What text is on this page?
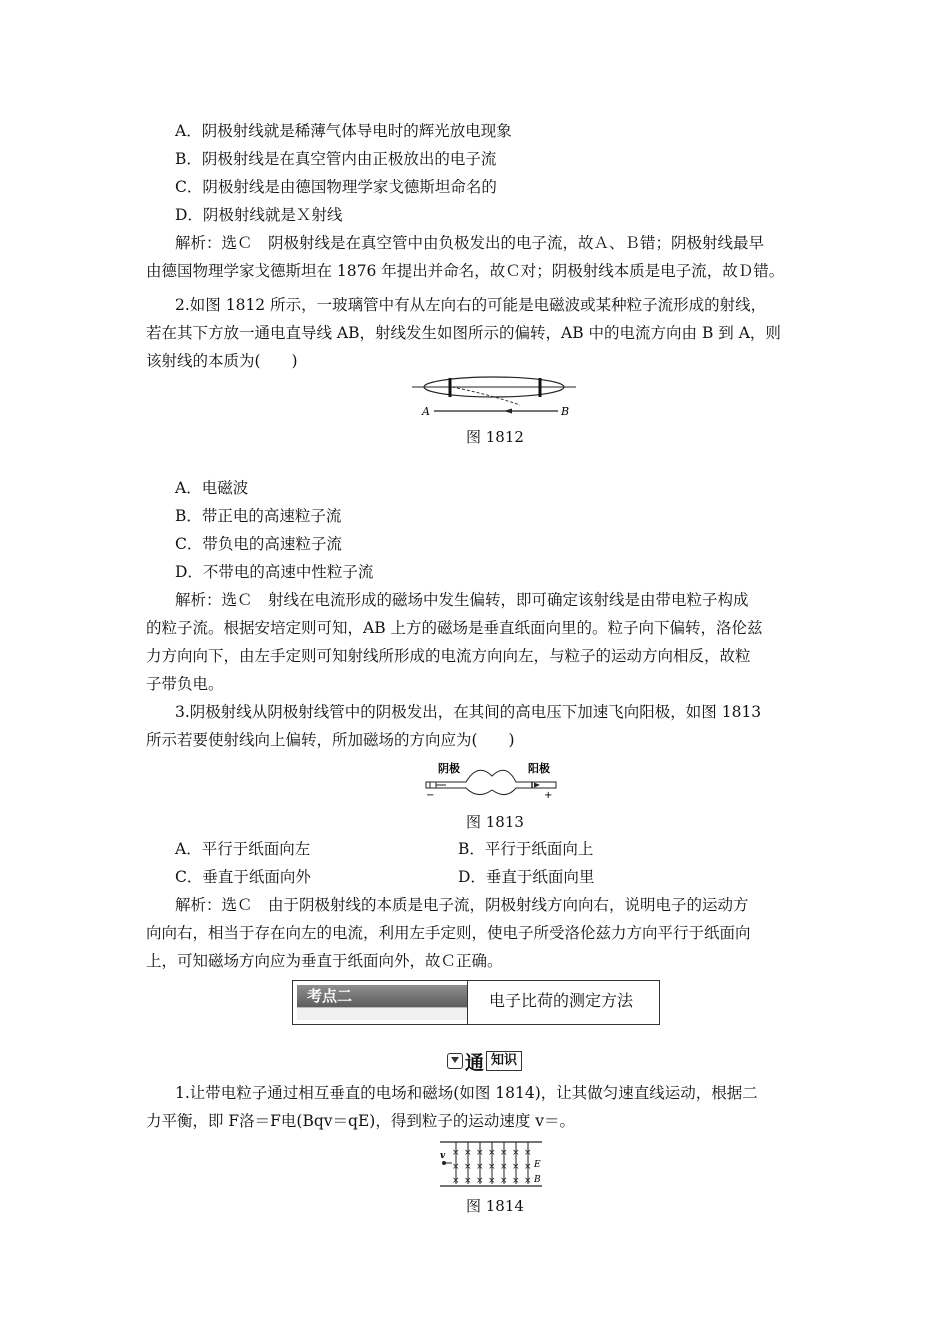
A．阴极射线就是稀薄气体导电时的辉光放电现象
B．阴极射线是在真空管内由正极放出的电子流
C．阴极射线是由德国物理学家戈德斯坦命名的
D．阴极射线就是Ｘ射线
解析：选Ｃ　阴极射线是在真空管中由负极发出的电子流，故Ａ、Ｂ错；阴极射线最早
由德国物理学家戈德斯坦在 1876 年提出并命名，故Ｃ对；阴极射线本质是电子流，故Ｄ错。
2.如图 1812 所示，一玻璃管中有从左向右的可能是电磁波或某种粒子流形成的射线，
若在其下方放一通电直导线 AB，射线发生如图所示的偏转，AB 中的电流方向由 B 到 A，则
该射线的本质为(　　)
A	B
图 1812
A．电磁波
B．带正电的高速粒子流
C．带负电的高速粒子流
D．不带电的高速中性粒子流
解析：选Ｃ　射线在电流形成的磁场中发生偏转，即可确定该射线是由带电粒子构成
的粒子流。根据安培定则可知，AB 上方的磁场是垂直纸面向里的。粒子向下偏转，洛伦兹
力方向向下，由左手定则可知射线所形成的电流方向向左，与粒子的运动方向相反，故粒
子带负电。
3.阴极射线从阴极射线管中的阴极发出，在其间的高电压下加速飞向阳极，如图 1813
所示若要使射线向上偏转，所加磁场的方向应为(　　)
阴极	阳极
−	+
图 1813
A．平行于纸面向左	B．平行于纸面向上
C．垂直于纸面向外	D．垂直于纸面向里
解析：选Ｃ　由于阴极射线的本质是电子流，阴极射线方向向右，说明电子的运动方
向向右，相当于存在向左的电流，利用左手定则，使电子所受洛伦兹力方向平行于纸面向
上，可知磁场方向应为垂直于纸面向外，故Ｃ正确。
考点二	电子比荷的测定方法
通 知识
1.让带电粒子通过相互垂直的电场和磁场(如图 1814)，让其做匀速直线运动，根据二
力平衡，即 F洛＝F电(Bqv＝qE)，得到粒子的运动速度 v＝。
× × × × × × ×
× × × × × × ×
× × × × × × ×
v
E
B
图 1814
